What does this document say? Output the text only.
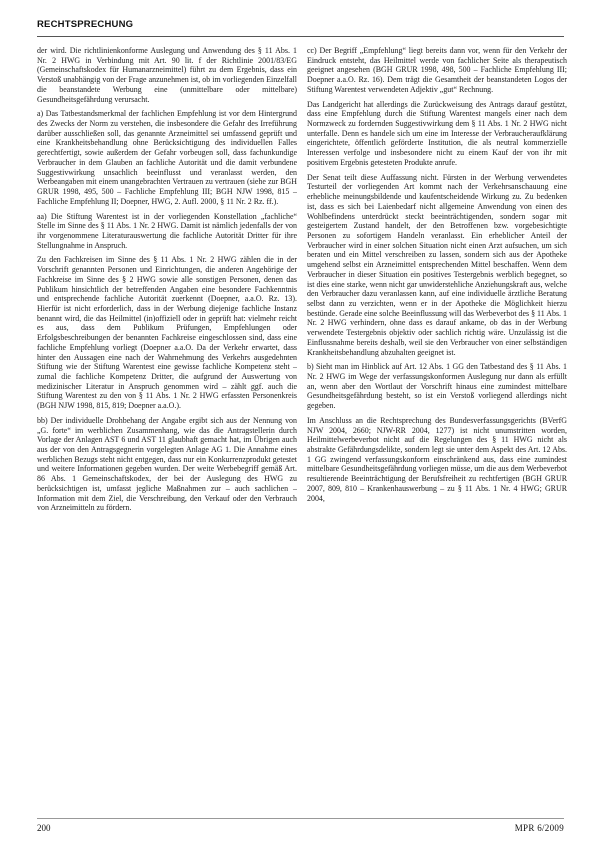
RECHTSPRECHUNG

der wird. Die richtlinienkonforme Auslegung und Anwendung des § 11 Abs. 1 Nr. 2 HWG in Verbindung mit Art. 90 lit. f der Richtlinie 2001/83/EG (Gemeinschaftskodex für Humanarzneimittel) führt zu dem Ergebnis, dass ein Verstoß unabhängig von der Frage anzunehmen ist, ob im vorliegenden Einzelfall die beanstandete Werbung eine (unmittelbare oder mittelbare) Gesundheitsgefährdung verursacht.

a) Das Tatbestandsmerkmal der fachlichen Empfehlung ist vor dem Hintergrund des Zwecks der Norm zu verstehen, die insbesondere die Gefahr des Irreführung darüber ausschließen soll, das genannte Arzneimittel sei umfassend geprüft und eine Krankheitsbehandlung ohne Berücksichtigung des individuellen Falles gerechtfertigt, sowie außerdem der Gefahr vorbeugen soll, dass fachunkundige Verbraucher in dem Glauben an fachliche Autorität und die damit verbundene Suggestivwirkung unsachlich beeinflusst und veranlasst werden, den Werbeangaben mit einem unangebrachten Vertrauen zu vertrauen (siehe zur BGH GRUR 1998, 495, 500 – Fachliche Empfehlung III; BGH NJW 1998, 815 – Fachliche Empfehlung II; Doepner, HWG, 2. Aufl. 2000, § 11 Nr. 2 Rz. ff.).

aa) Die Stiftung Warentest ist in der vorliegenden Konstellation „fachliche“ Stelle im Sinne des § 11 Abs. 1 Nr. 2 HWG. Damit ist nämlich jedenfalls der von ihr vorgenommene Literaturauswertung die fachliche Autorität Dritter für ihre Stellungnahme in Anspruch.

Zu den Fachkreisen im Sinne des § 11 Abs. 1 Nr. 2 HWG zählen die in der Vorschrift genannten Personen und Einrichtungen, die anderen Angehörige der Fachkreise im Sinne des § 2 HWG sowie alle sonstigen Personen, denen das Publikum hinsichtlich der betreffenden Angaben eine besondere Fachkenntnis und entsprechende fachliche Autorität zuerkennt (Doepner, a.a.O. Rz. 13). Hierfür ist nicht erforderlich, dass in der Werbung diejenige fachliche Instanz benannt wird, die das Heilmittel (in)offiziell oder in geprüft hat: vielmehr reicht es aus, dass dem Publikum Prüfungen, Empfehlungen oder Erfolgsbeschreibungen der benannten Fachkreise eingeschlossen sind, dass eine fachliche Empfehlung vorliegt (Doepner a.a.O. Da der Verkehr erwartet, dass hinter den Aussagen eine nach der Wahrnehmung des Verkehrs ausgedehnten Stiftung wie der Stiftung Warentest eine gewisse fachliche Kompetenz steht – zumal die fachliche Kompetenz Dritter, die aufgrund der Auswertung von medizinischer Literatur in Anspruch genommen wird – zählt ggf. auch die Stiftung Warentest zu den von § 11 Abs. 1 Nr. 2 HWG erfassten Personenkreis (BGH NJW 1998, 815, 819; Doepner a.a.O.).

bb) Der individuelle Drohbehang der Angabe ergibt sich aus der Nennung von „G. forte“ im werblichen Zusammenhang, wie das die Antragstellerin durch Vorlage der Anlagen AST 6 und AST 11 glaubhaft gemacht hat, im Übrigen auch aus der von den Antragsgegnerin vorgelegten Anlage AG 1. Die Annahme eines werblichen Bezugs steht nicht entgegen, dass nur ein Konkurrenzprodukt getestet und weitere Informationen gegeben wurden. Der weite Werbebegriff gemäß Art. 86 Abs. 1 Gemeinschaftskodex, der bei der Auslegung des HWG zu berücksichtigen ist, umfasst jegliche Maßnahmen zur – auch sachlichen – Information mit dem Ziel, die Verschreibung, den Verkauf oder den Verbrauch von Arzneimitteln zu fördern.

cc) Der Begriff „Empfehlung“ liegt bereits dann vor, wenn für den Verkehr der Eindruck entsteht, das Heilmittel werde von fachlicher Seite als therapeutisch geeignet angesehen (BGH GRUR 1998, 498, 500 – Fachliche Empfehlung III; Doepner a.a.O. Rz. 16). Dem trägt die Gesamtheit der beanstandeten Logos der Stiftung Warentest verwendeten Adjektiv „gut“ Rechnung.

Das Landgericht hat allerdings die Zurückweisung des Antrags darauf gestützt, dass eine Empfehlung durch die Stiftung Warentest mangels einer nach dem Normzweck zu fordernden Suggestivwirkung dem § 11 Abs. 1 Nr. 2 HWG nicht unterfalle. Denn es handele sich um eine im Interesse der Verbraucheraufklärung eingerichtete, öffentlich geförderte Institution, die als neutral kommerzielle Interessen verfolge und insbesondere nicht zu einem Kauf der von ihr mit positivem Ergebnis getesteten Produkte anrufe.

Der Senat teilt diese Auffassung nicht. Fürsten in der Werbung verwendetes Testurteil der vorliegenden Art kommt nach der Verkehrsanschauung eine erhebliche meinungsbildende und kaufentscheidende Wirkung zu. Zu bedenken ist, dass es sich bei Laienbedarf nicht allgemeine Anwendung von einen des Wohlbefindens unterdrückt steckt beeinträchtigenden, sondern sogar mit gesteigertem Zustand handelt, der den Betroffenen bzw. vorgebesichtigte Personen zu sofortigem Handeln veranlasst. Ein erheblicher Anteil der Verbraucher wird in einer solchen Situation nicht einen Arzt aufsuchen, um sich beraten und ein Mittel verschreiben zu lassen, sondern sich aus der Apotheke umgehend selbst ein Arzneimittel entsprechenden Mittel beschaffen. Wenn dem Verbraucher in dieser Situation ein positives Testergebnis werblich begegnet, so ist dies eine starke, wenn nicht gar unwiderstehliche Anziehungskraft aus, welche den Verbraucher dazu veranlassen kann, auf eine individuelle ärztliche Beratung selbst dann zu verzichten, wenn er in der Apotheke die Möglichkeit hierzu bestünde. Gerade eine solche Beeinflussung will das Werbeverbot des § 11 Abs. 1 Nr. 2 HWG verhindern, ohne dass es darauf ankame, ob das in der Werbung verwendete Testergebnis objektiv oder sachlich richtig wäre. Unzulässig ist die Einflussnahme bereits deshalb, weil sie den Verbraucher von einer selbständigen Krankheitsbehandlung abzuhalten geeignet ist.

b) Sieht man im Hinblick auf Art. 12 Abs. 1 GG den Tatbestand des § 11 Abs. 1 Nr. 2 HWG im Wege der verfassungskonformen Auslegung nur dann als erfüllt an, wenn aber den Wortlaut der Vorschrift hinaus eine zumindest mittelbare Gesundheitsgefährdung besteht, so ist ein Verstoß vorliegend allerdings nicht gegeben.

Im Anschluss an die Rechtsprechung des Bundesverfassungsgerichts (BVerfG NJW 2004, 2660; NJW-RR 2004, 1277) ist nicht unumstritten worden, Heilmittelwerbeverbot nicht auf die Regelungen des § 11 HWG nicht als abstrakte Gefährdungsdelikte, sondern legt sie unter dem Aspekt des Art. 12 Abs. 1 GG zwingend verfassungskonform einschränkend aus, dass eine zumindest mittelbare Gesundheitsgefährdung vorliegen müsse, um die aus dem Werbeverbot resultierende Beeinträchtigung der Berufsfreiheit zu rechtfertigen (BGH GRUR 2007, 809, 810 – Krankenhauswerbung – zu § 11 Abs. 1 Nr. 4 HWG; GRUR 2004,

200	MPR 6/2009
